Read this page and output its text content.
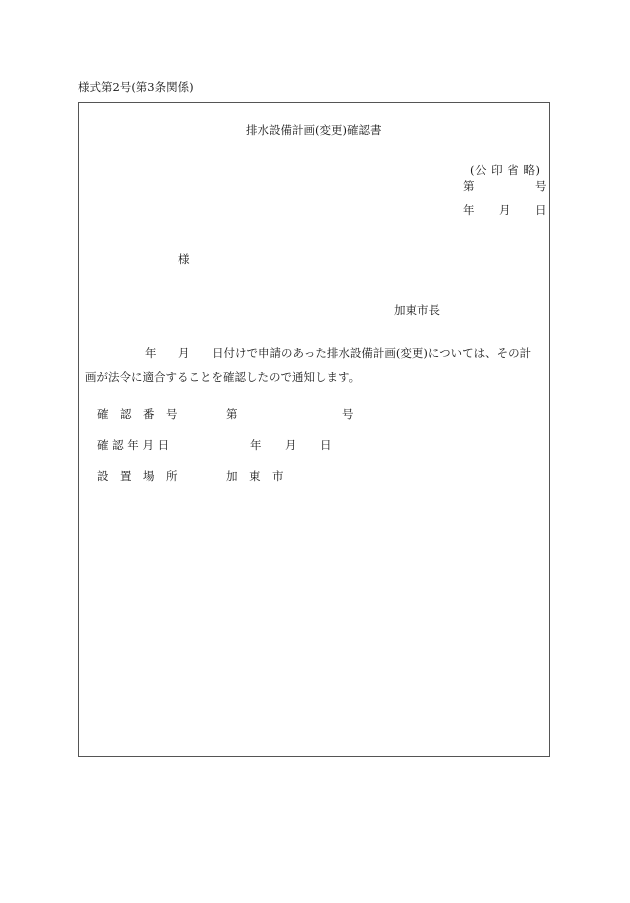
様式第2号(第3条関係)
排水設備計画(変更)確認書
(公 印 省 略)
第	号
年 月 日
様
加東市長
年 月 日付けで申請のあった排水設備計画(変更)については、その計
画が法令に適合することを確認したので通知します。
確　認　番　号	第	号
確 認 年 月 日	年 月 日
設　置　場　所	加　東　市
